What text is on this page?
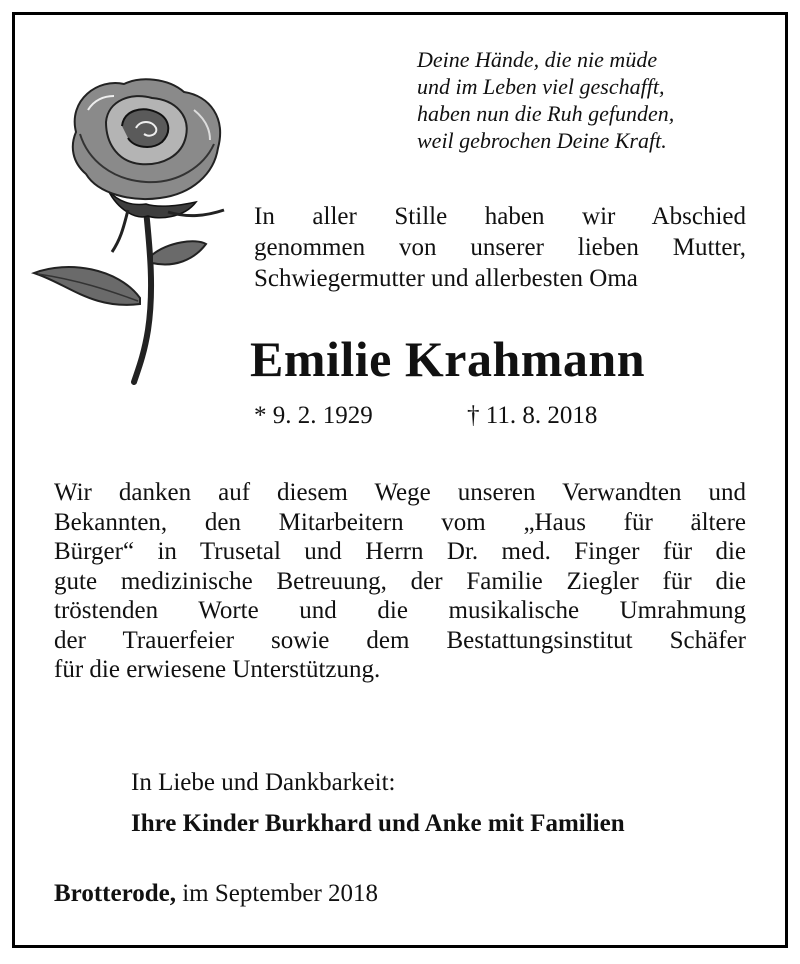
Deine Hände, die nie müde
und im Leben viel geschafft,
haben nun die Ruh gefunden,
weil gebrochen Deine Kraft.
In aller Stille haben wir Abschied
genommen von unserer lieben Mutter,
Schwiegermutter und allerbesten Oma
Emilie Krahmann
* 9. 2. 1929	† 11. 8. 2018
Wir danken auf diesem Wege unseren Verwandten und
Bekannten, den Mitarbeitern vom „Haus für ältere
Bürger“ in Trusetal und Herrn Dr. med. Finger für die
gute medizinische Betreuung, der Familie Ziegler für die
tröstenden Worte und die musikalische Umrahmung
der Trauerfeier sowie dem Bestattungsinstitut Schäfer
für die erwiesene Unterstützung.
In Liebe und Dankbarkeit:
Ihre Kinder Burkhard und Anke mit Familien
Brotterode, im September 2018
